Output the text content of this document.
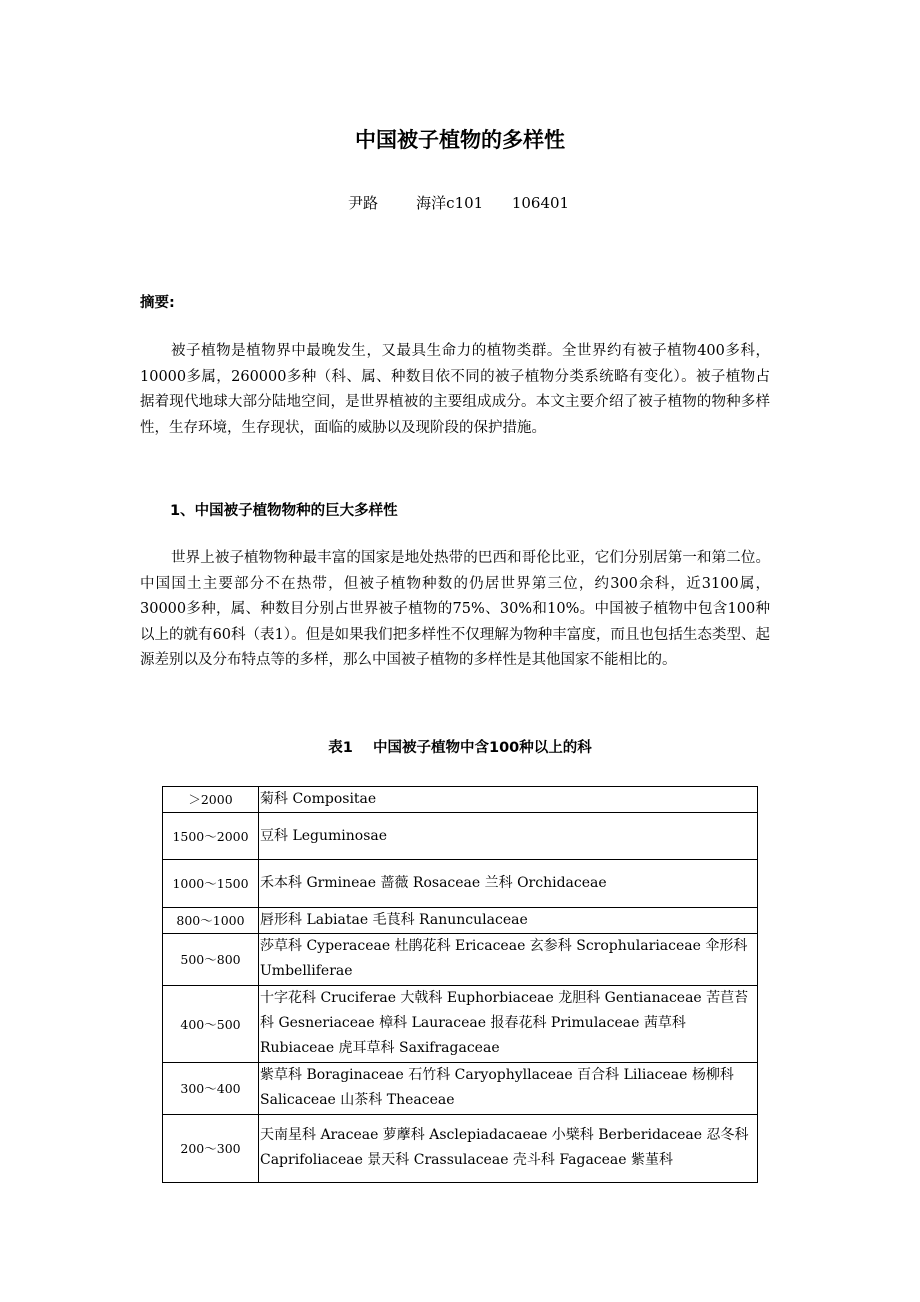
中国被子植物的多样性
尹路	海洋c101 106401
摘要:

被子植物是植物界中最晚发生，又最具生命力的植物类群。全世界约有被子植物400多科，10000多属，260000多种（科、属、种数目依不同的被子植物分类系统略有变化）。被子植物占据着现代地球大部分陆地空间，是世界植被的主要组成成分。本文主要介绍了被子植物的物种多样性，生存环境，生存现状，面临的威胁以及现阶段的保护措施。

1、中国被子植物物种的巨大多样性

世界上被子植物物种最丰富的国家是地处热带的巴西和哥伦比亚，它们分别居第一和第二位。中国国土主要部分不在热带，但被子植物种数的仍居世界第三位，约300余科，近3100属，30000多种，属、种数目分别占世界被子植物的75%、30%和10%。中国被子植物中包含100种以上的就有60科（表1）。但是如果我们把多样性不仅理解为物种丰富度，而且也包括生态类型、起源差别以及分布特点等的多样，那么中国被子植物的多样性是其他国家不能相比的。

表1 中国被子植物中含100种以上的科
＞2000	菊科 Compositae
1500～2000	豆科 Leguminosae
1000～1500	禾本科 Grmineae 蔷薇 Rosaceae 兰科 Orchidaceae
800～1000	唇形科 Labiatae 毛茛科 Ranunculaceae
500～800	莎草科 Cyperaceae 杜鹃花科 Ericaceae 玄参科 Scrophulariaceae 伞形科 Umbelliferae
400～500	十字花科 Cruciferae 大戟科 Euphorbiaceae 龙胆科 Gentianaceae 苦苣苔科 Gesneriaceae 樟科 Lauraceae 报春花科 Primulaceae 茜草科 Rubiaceae 虎耳草科 Saxifragaceae
300～400	紫草科 Boraginaceae 石竹科 Caryophyllaceae 百合科 Liliaceae 杨柳科 Salicaceae 山茶科 Theaceae
200～300	天南星科 Araceae 萝藦科 Asclepiadacaeae 小檗科 Berberidaceae 忍冬科 Caprifoliaceae 景天科 Crassulaceae 壳斗科 Fagaceae 紫堇科
